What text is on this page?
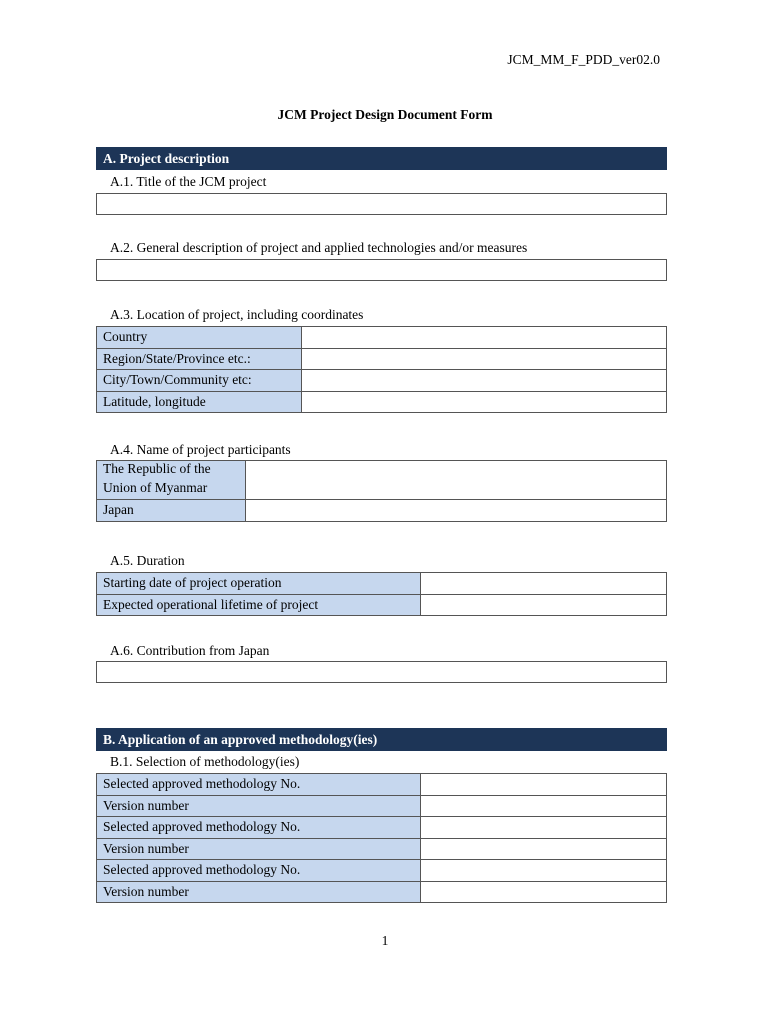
JCM_MM_F_PDD_ver02.0
JCM Project Design Document Form
A. Project description
A.1. Title of the JCM project
A.2. General description of project and applied technologies and/or measures
A.3. Location of project, including coordinates
Country	
Region/State/Province etc.:	
City/Town/Community etc:	
Latitude, longitude	
A.4. Name of project participants
The Republic of the
Union of Myanmar	

Japan	
A.5. Duration
Starting date of project operation	
Expected operational lifetime of project	
A.6. Contribution from Japan
B. Application of an approved methodology(ies)
B.1. Selection of methodology(ies)
Selected approved methodology No.	
Version number	
Selected approved methodology No.	
Version number	
Selected approved methodology No.	
Version number	
1
